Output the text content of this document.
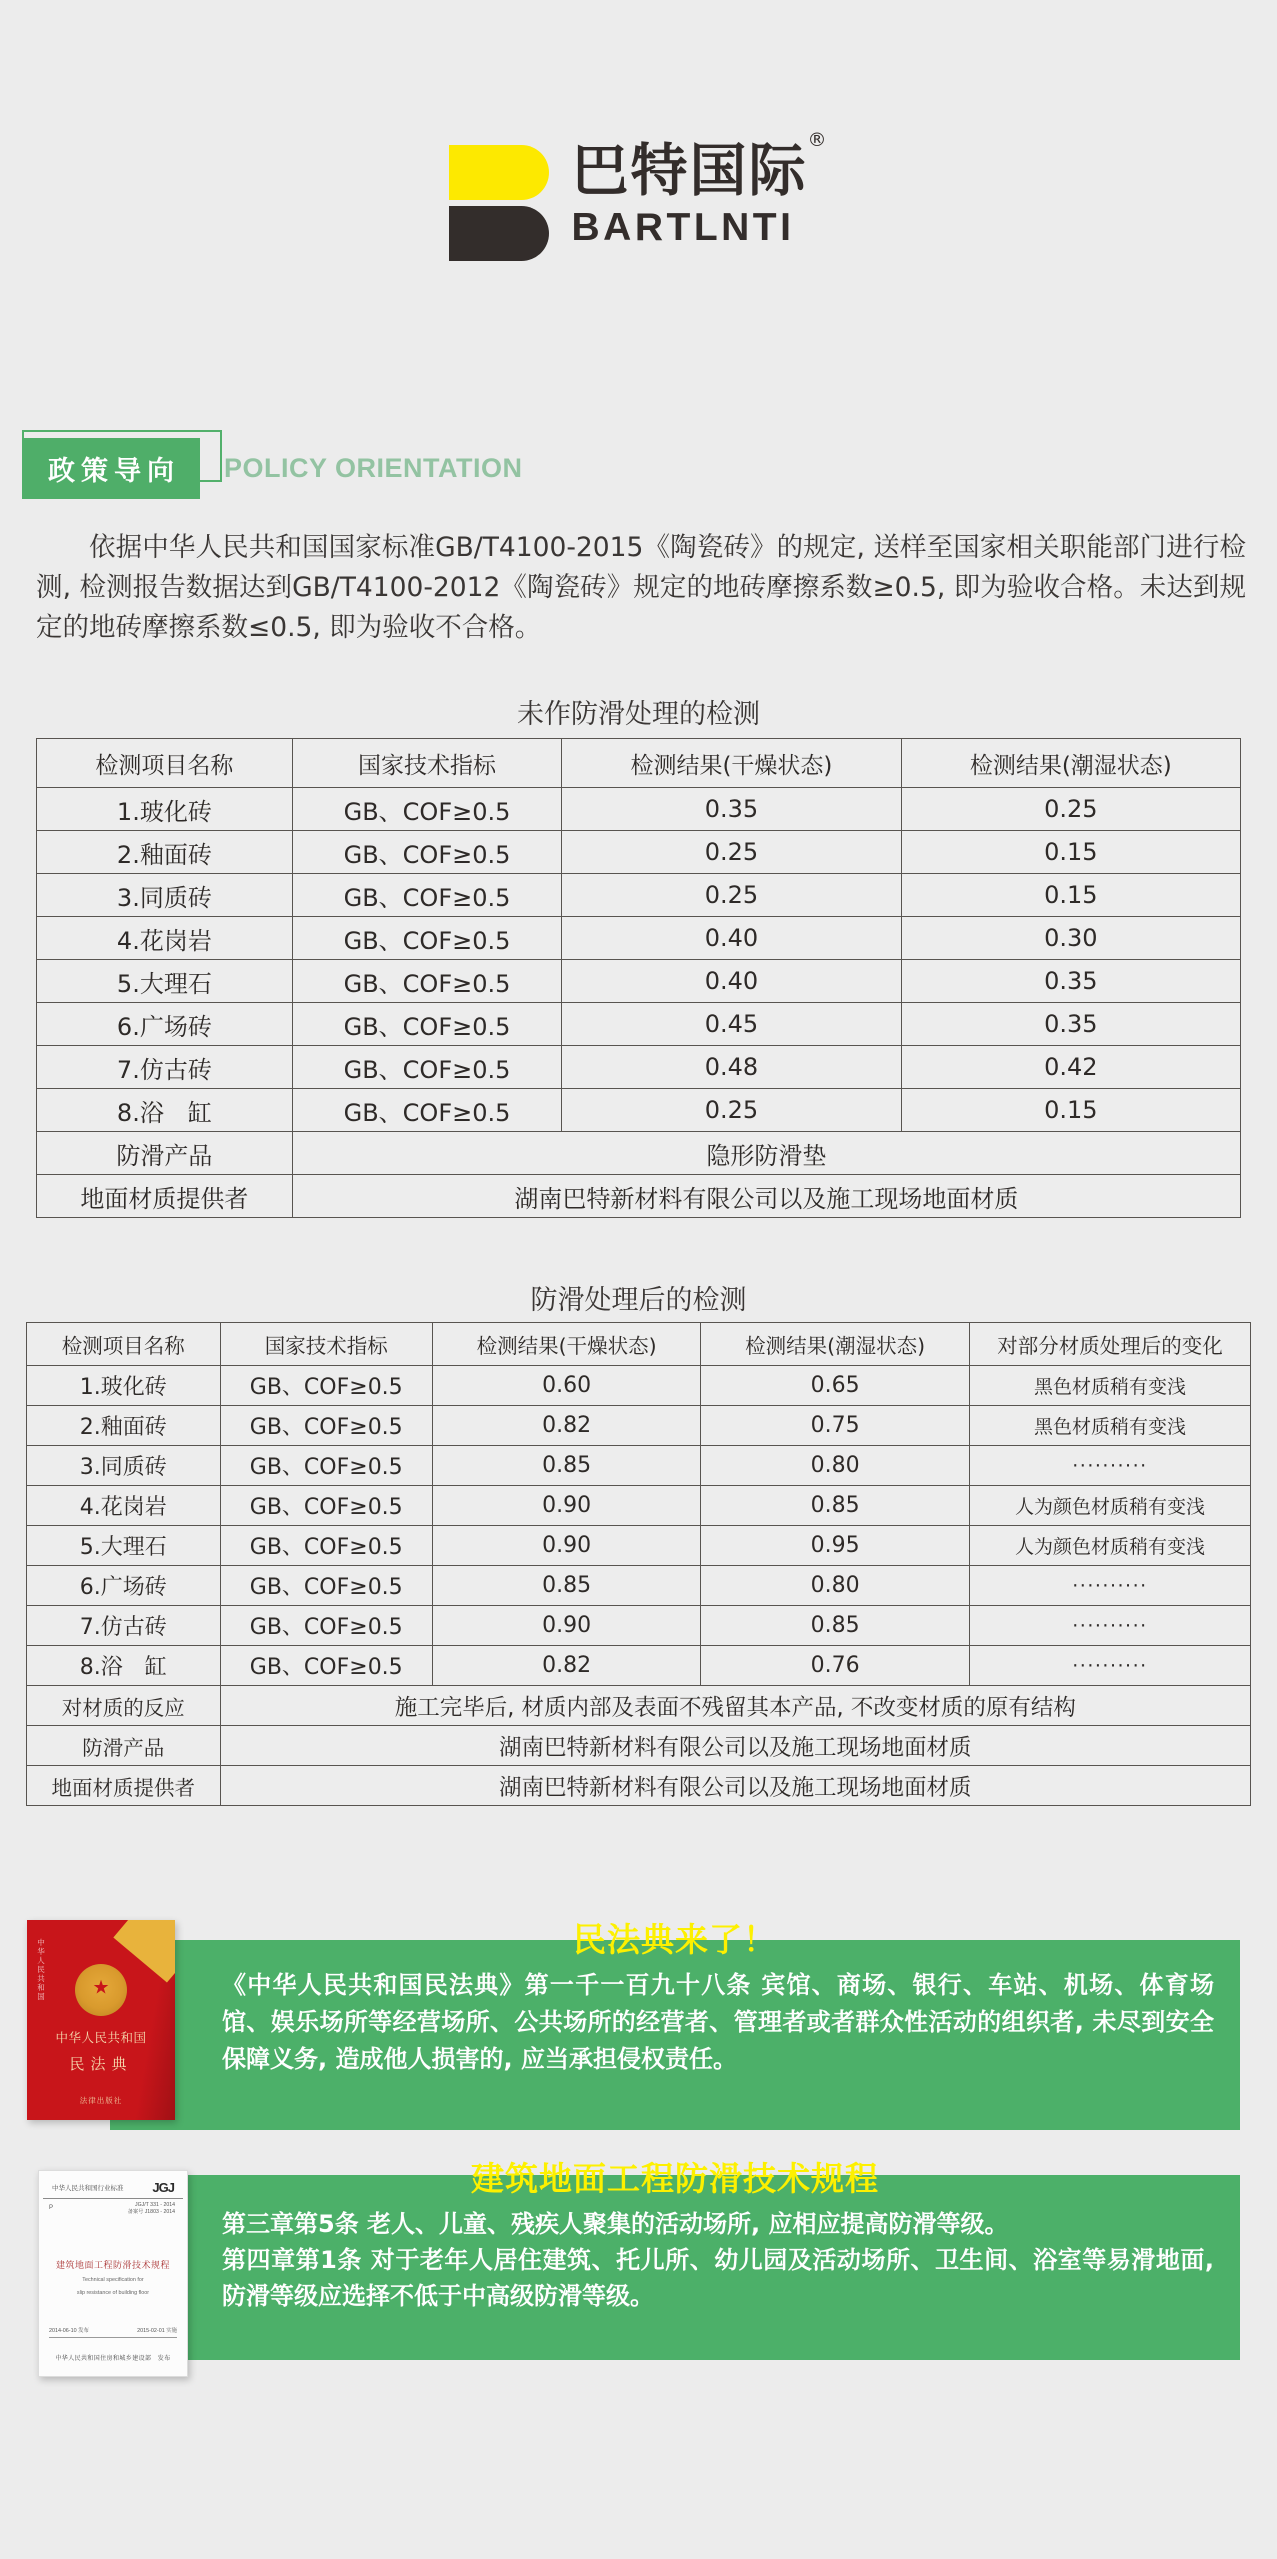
巴特国际®
BARTLNTI
政策导向	POLICY ORIENTATION
依据中华人民共和国国家标准GB/T4100-2015《陶瓷砖》的规定, 送样至国家相关职能部门进行检测, 检测报告数据达到GB/T4100-2012《陶瓷砖》规定的地砖摩擦系数≥0.5, 即为验收合格。未达到规定的地砖摩擦系数≤0.5, 即为验收不合格。
未作防滑处理的检测
检测项目名称	国家技术指标	检测结果(干燥状态)	检测结果(潮湿状态)
1.玻化砖	GB、COF≥0.5	0.35	0.25
2.釉面砖	GB、COF≥0.5	0.25	0.15
3.同质砖	GB、COF≥0.5	0.25	0.15
4.花岗岩	GB、COF≥0.5	0.40	0.30
5.大理石	GB、COF≥0.5	0.40	0.35
6.广场砖	GB、COF≥0.5	0.45	0.35
7.仿古砖	GB、COF≥0.5	0.48	0.42
8.浴　缸	GB、COF≥0.5	0.25	0.15
防滑产品	隐形防滑垫		
地面材质提供者	湖南巴特新材料有限公司以及施工现场地面材质		
防滑处理后的检测
检测项目名称	国家技术指标	检测结果(干燥状态)	检测结果(潮湿状态)	对部分材质处理后的变化
1.玻化砖	GB、COF≥0.5	0.60	0.65	黑色材质稍有变浅
2.釉面砖	GB、COF≥0.5	0.82	0.75	黑色材质稍有变浅
3.同质砖	GB、COF≥0.5	0.85	0.80	··········
4.花岗岩	GB、COF≥0.5	0.90	0.85	人为颜色材质稍有变浅
5.大理石	GB、COF≥0.5	0.90	0.95	人为颜色材质稍有变浅
6.广场砖	GB、COF≥0.5	0.85	0.80	··········
7.仿古砖	GB、COF≥0.5	0.90	0.85	··········
8.浴　缸	GB、COF≥0.5	0.82	0.76	··········
对材质的反应	施工完毕后, 材质内部及表面不残留其本产品, 不改变材质的原有结构			
防滑产品	湖南巴特新材料有限公司以及施工现场地面材质			
地面材质提供者	湖南巴特新材料有限公司以及施工现场地面材质			
民法典来了！
《中华人民共和国民法典》第一千一百九十八条 宾馆、商场、银行、车站、机场、体育场馆、娱乐场所等经营场所、公共场所的经营者、管理者或者群众性活动的组织者, 未尽到安全保障义务, 造成他人损害的, 应当承担侵权责任。
中华人民共和国
★
中华人民共和国
民法典
法律出版社
建筑地面工程防滑技术规程
第三章第5条 老人、儿童、残疾人聚集的活动场所, 应相应提高防滑等级。
第四章第1条 对于老年人居住建筑、托儿所、幼儿园及活动场所、卫生间、浴室等易滑地面, 防滑等级应选择不低于中高级防滑等级。
中华人民共和国行业标准 JGJ
P	JGJ/T 331 - 2014
备案号 J1803 - 2014
建筑地面工程防滑技术规程
Technical specification for
slip resistance of building floor
2014-06-10 发布	2015-02-01 实施
中华人民共和国住房和城乡建设部　发布
